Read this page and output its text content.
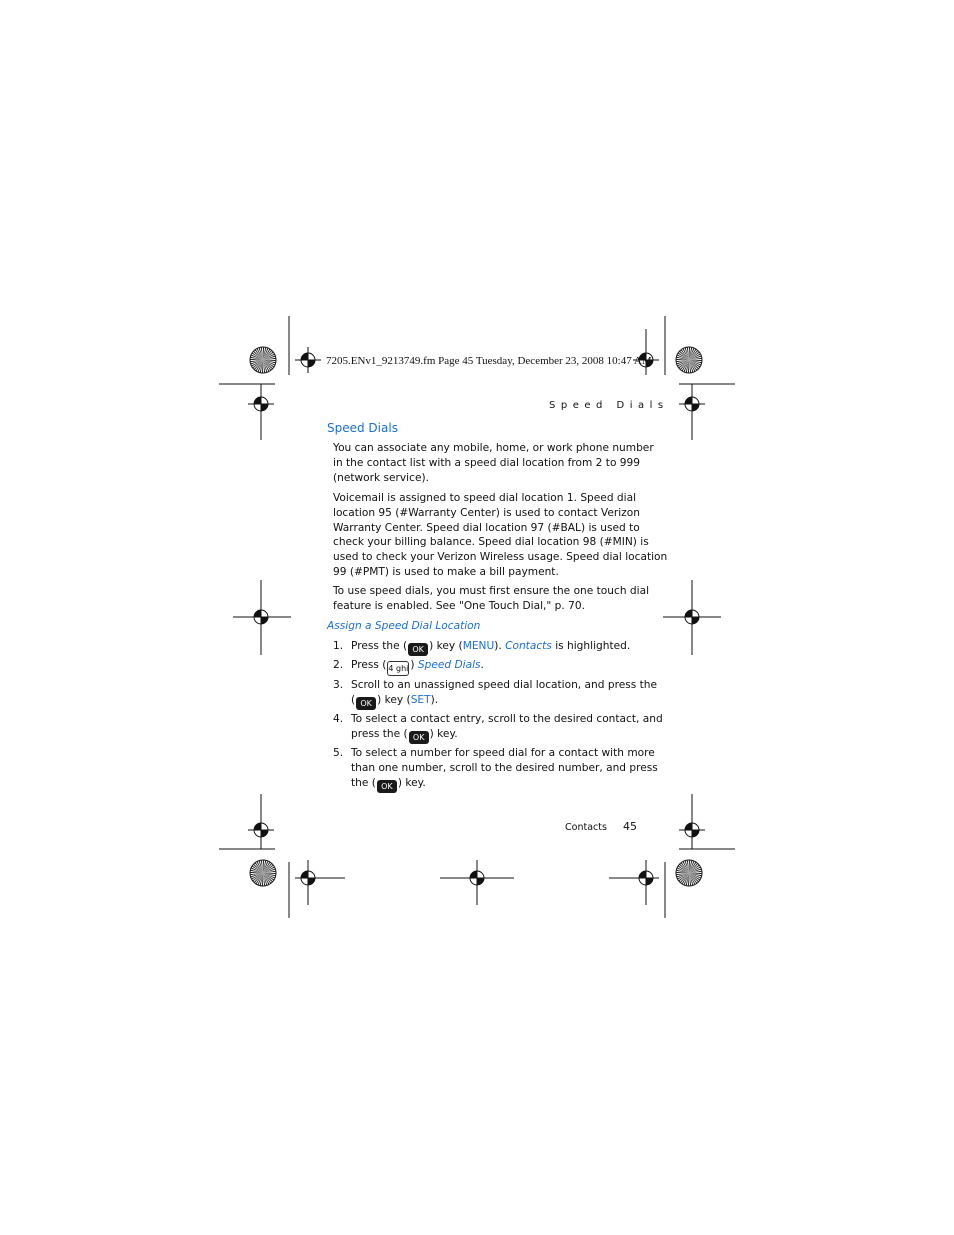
7205.ENv1_9213749.fm Page 45 Tuesday, December 23, 2008 10:47 AM
Speed Dials
Speed Dials
You can associate any mobile, home, or work phone number
in the contact list with a speed dial location from 2 to 999
(network service).
Voicemail is assigned to speed dial location 1. Speed dial
location 95 (#Warranty Center) is used to contact Verizon
Warranty Center. Speed dial location 97 (#BAL) is used to
check your billing balance. Speed dial location 98 (#MIN) is
used to check your Verizon Wireless usage. Speed dial location
99 (#PMT) is used to make a bill payment.
To use speed dials, you must first ensure the one touch dial
feature is enabled. See "One Touch Dial," p. 70.
Assign a Speed Dial Location
1. Press the ( OK ) key (MENU). Contacts is highlighted.
2. Press ( 4 ghi ) Speed Dials.
3. Scroll to an unassigned speed dial location, and press the
( OK ) key (SET).
4. To select a contact entry, scroll to the desired contact, and
press the ( OK ) key.
5. To select a number for speed dial for a contact with more
than one number, scroll to the desired number, and press
the ( OK ) key.
Contacts 45
